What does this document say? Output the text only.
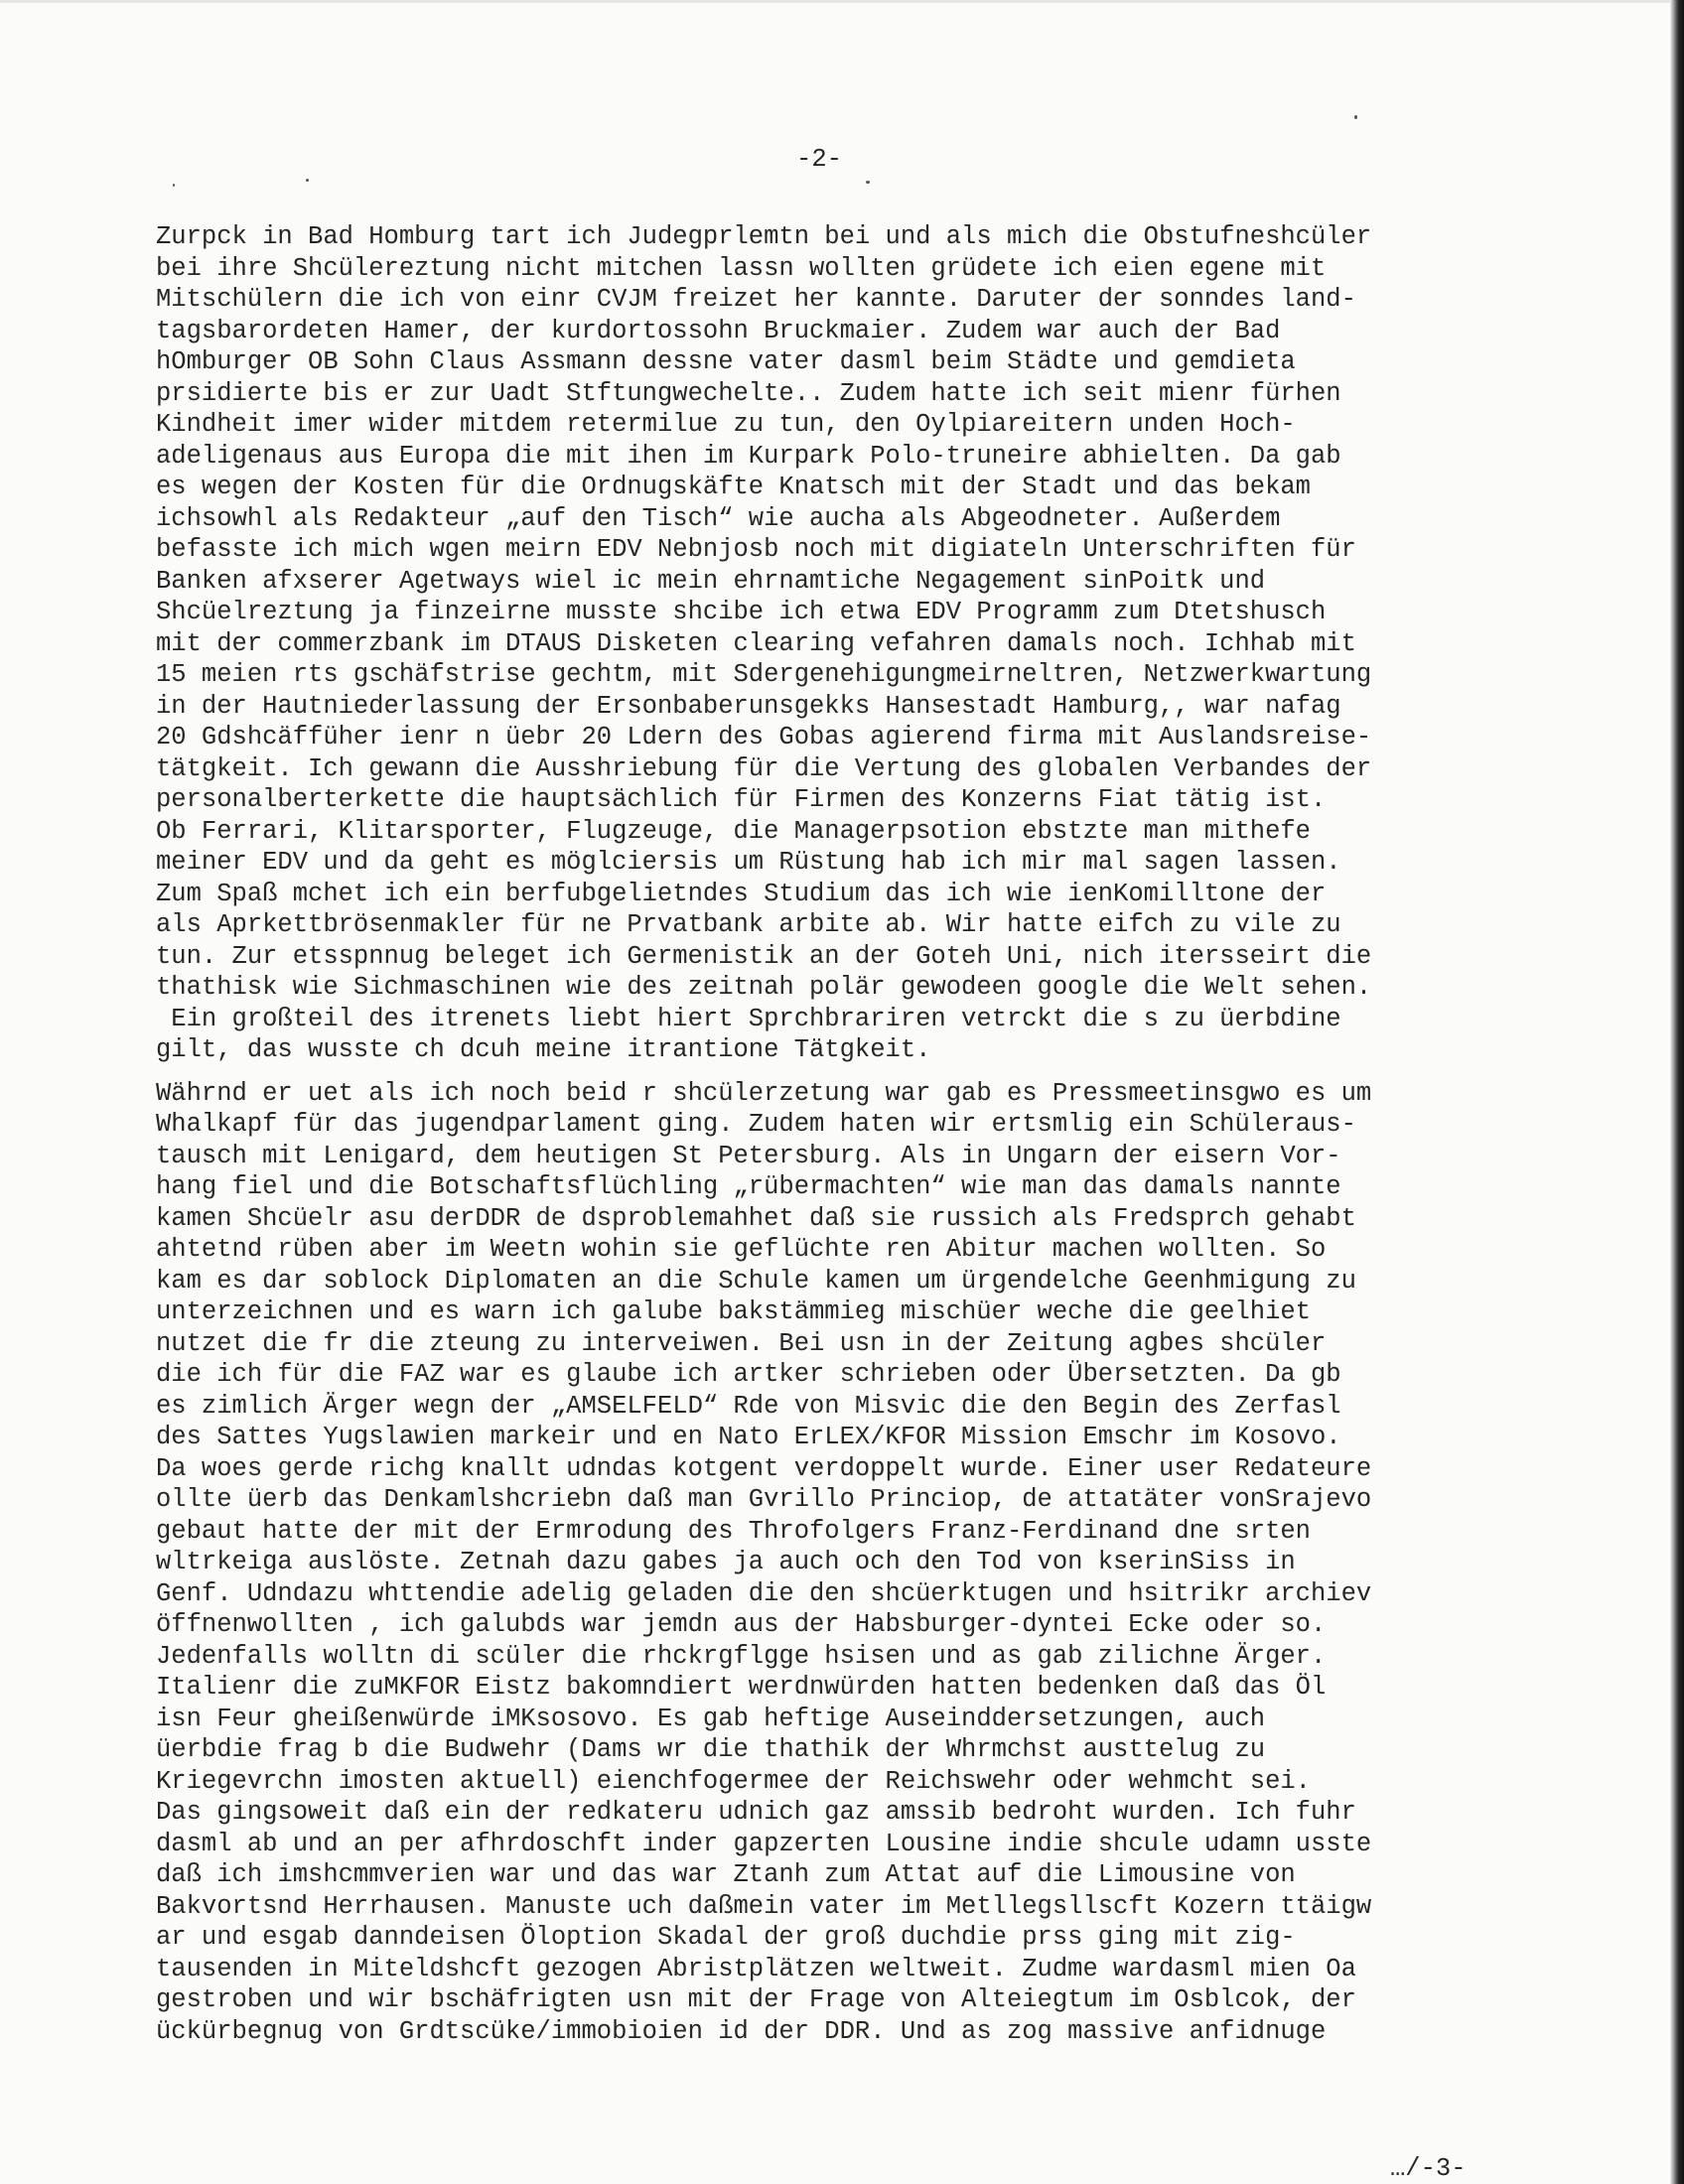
-2-
Zurpck in Bad Homburg tart ich Judegprlemtn bei und als mich die Obstufneshcüler
bei ihre Shcülereztung nicht mitchen lassn wollten grüdete ich eien egene mit
Mitschülern die ich von einr CVJM freizet her kannte. Daruter der sonndes land-
tagsbarordeten Hamer, der kurdortossohn Bruckmaier. Zudem war auch der Bad
hOmburger OB Sohn Claus Assmann dessne vater dasml beim Städte und gemdieta
prsidierte bis er zur Uadt Stftungwechelte.. Zudem hatte ich seit mienr fürhen
Kindheit imer wider mitdem retermilue zu tun, den Oylpiareitern unden Hoch-
adeligenaus aus Europa die mit ihen im Kurpark Polo-truneire abhielten. Da gab
es wegen der Kosten für die Ordnugskäfte Knatsch mit der Stadt und das bekam
ichsowhl als Redakteur „auf den Tisch“ wie aucha als Abgeodneter. Außerdem
befasste ich mich wgen meirn EDV Nebnjosb noch mit digiateln Unterschriften für
Banken afxserer Agetways wiel ic mein ehrnamtiche Negagement sinPoitk und
Shcüelreztung ja finzeirne musste shcibe ich etwa EDV Programm zum Dtetshusch
mit der commerzbank im DTAUS Disketen clearing vefahren damals noch. Ichhab mit
15 meien rts gschäfstrise gechtm, mit Sdergenehigungmeirneltren, Netzwerkwartung
in der Hautniederlassung der Ersonbaberunsgekks Hansestadt Hamburg,, war nafag
20 Gdshcäffüher ienr n üebr 20 Ldern des Gobas agierend firma mit Auslandsreise-
tätgkeit. Ich gewann die Ausshriebung für die Vertung des globalen Verbandes der
personalberterkette die hauptsächlich für Firmen des Konzerns Fiat tätig ist.
Ob Ferrari, Klitarsporter, Flugzeuge, die Managerpsotion ebstzte man mithefe
meiner EDV und da geht es möglciersis um Rüstung hab ich mir mal sagen lassen.
Zum Spaß mchet ich ein berfubgelietndes Studium das ich wie ienKomilltone der
als Aprkettbrösenmakler für ne Prvatbank arbite ab. Wir hatte eifch zu vile zu
tun. Zur etsspnnug beleget ich Germenistik an der Goteh Uni, nich itersseirt die
thathisk wie Sichmaschinen wie des zeitnah polär gewodeen google die Welt sehen.
Ein großteil des itrenets liebt hiert Sprchbrariren vetrckt die s zu üerbdine
gilt, das wusste ch dcuh meine itrantione Tätgkeit.
Währnd er uet als ich noch beid r shcülerzetung war gab es Pressmeetinsgwo es um
Whalkapf für das jugendparlament ging. Zudem haten wir ertsmlig ein Schüleraus-
tausch mit Lenigard, dem heutigen St Petersburg. Als in Ungarn der eisern Vor-
hang fiel und die Botschaftsflüchling „rübermachten“ wie man das damals nannte
kamen Shcüelr asu derDDR de dsproblemahhet daß sie russich als Fredsprch gehabt
ahtetnd rüben aber im Weetn wohin sie geflüchte ren Abitur machen wollten. So
kam es dar soblock Diplomaten an die Schule kamen um ürgendelche Geenhmigung zu
unterzeichnen und es warn ich galube bakstämmieg mischüer weche die geelhiet
nutzet die fr die zteung zu interveiwen. Bei usn in der Zeitung agbes shcüler
die ich für die FAZ war es glaube ich artker schrieben oder Übersetzten. Da gb
es zimlich Ärger wegn der „AMSELFELD“ Rde von Misvic die den Begin des Zerfasl
des Sattes Yugslawien markeir und en Nato ErLEX/KFOR Mission Emschr im Kosovo.
Da woes gerde richg knallt udndas kotgent verdoppelt wurde. Einer user Redateure
ollte üerb das Denkamlshcriebn daß man Gvrillo Princiop, de attatäter vonSrajevo
gebaut hatte der mit der Ermrodung des Throfolgers Franz-Ferdinand dne srten
wltrkeiga auslöste. Zetnah dazu gabes ja auch och den Tod von kserinSiss in
Genf. Udndazu whttendie adelig geladen die den shcüerktugen und hsitrikr archiev
öffnenwollten , ich galubds war jemdn aus der Habsburger-dyntei Ecke oder so.
Jedenfalls wolltn di scüler die rhckrgflgge hsisen und as gab zilichne Ärger.
Italienr die zuMKFOR Eistz bakomndiert werdnwürden hatten bedenken daß das Öl
isn Feur gheißenwürde iMKsosovo. Es gab heftige Auseinddersetzungen, auch
üerbdie frag b die Budwehr (Dams wr die thathik der Whrmchst austtelug zu
Kriegevrchn imosten aktuell) eienchfogermee der Reichswehr oder wehmcht sei.
Das gingsoweit daß ein der redkateru udnich gaz amssib bedroht wurden. Ich fuhr
dasml ab und an per afhrdoschft inder gapzerten Lousine indie shcule udamn usste
daß ich imshcmmverien war und das war Ztanh zum Attat auf die Limousine von
Bakvortsnd Herrhausen. Manuste uch daßmein vater im Metllegsllscft Kozern ttäigw
ar und esgab danndeisen Öloption Skadal der groß duchdie prss ging mit zig-
tausenden in Miteldshcft gezogen Abristplätzen weltweit. Zudme wardasml mien Oa
gestroben und wir bschäfrigten usn mit der Frage von Alteiegtum im Osblcok, der
ückürbegnug von Grdtscüke/immobioien id der DDR. Und as zog massive anfidnuge
…/-3-
